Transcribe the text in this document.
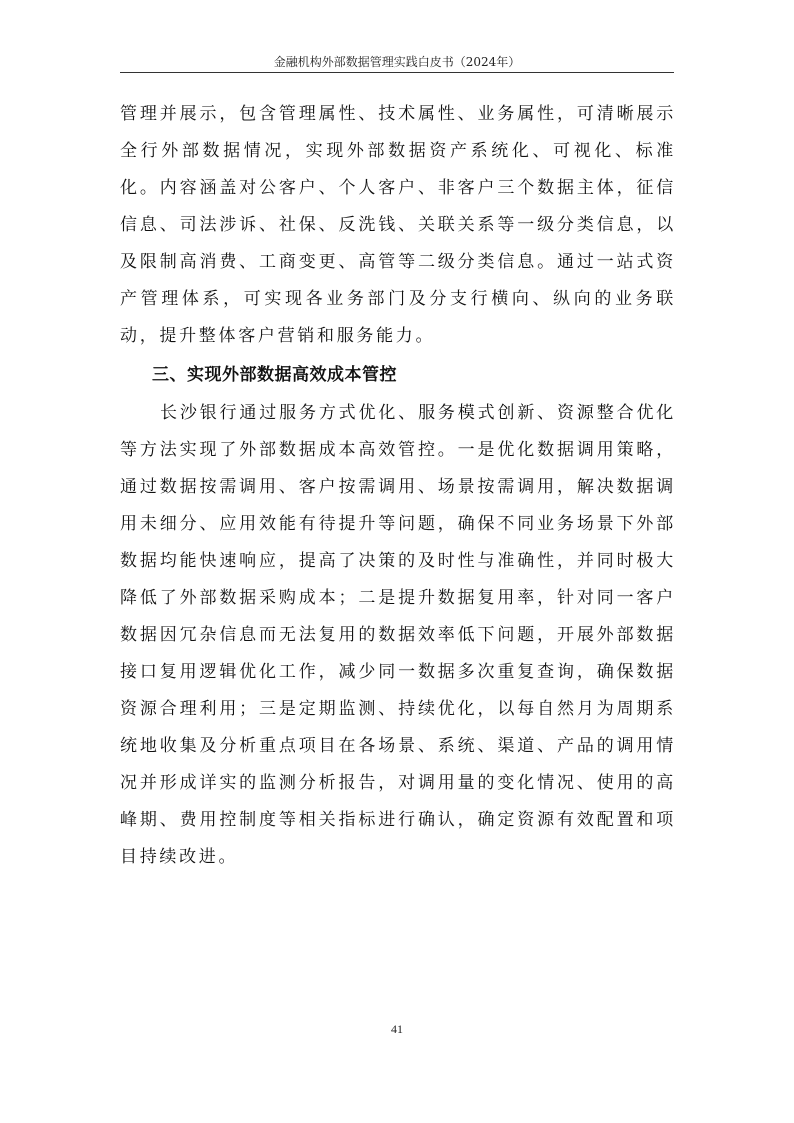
金融机构外部数据管理实践白皮书（2024年）

管理并展示，包含管理属性、技术属性、业务属性，可清晰展示全行外部数据情况，实现外部数据资产系统化、可视化、标准化。内容涵盖对公客户、个人客户、非客户三个数据主体，征信信息、司法涉诉、社保、反洗钱、关联关系等一级分类信息，以及限制高消费、工商变更、高管等二级分类信息。通过一站式资产管理体系，可实现各业务部门及分支行横向、纵向的业务联动，提升整体客户营销和服务能力。

三、实现外部数据高效成本管控

长沙银行通过服务方式优化、服务模式创新、资源整合优化等方法实现了外部数据成本高效管控。一是优化数据调用策略，通过数据按需调用、客户按需调用、场景按需调用，解决数据调用未细分、应用效能有待提升等问题，确保不同业务场景下外部数据均能快速响应，提高了决策的及时性与准确性，并同时极大降低了外部数据采购成本；二是提升数据复用率，针对同一客户数据因冗杂信息而无法复用的数据效率低下问题，开展外部数据接口复用逻辑优化工作，减少同一数据多次重复查询，确保数据资源合理利用；三是定期监测、持续优化，以每自然月为周期系统地收集及分析重点项目在各场景、系统、渠道、产品的调用情况并形成详实的监测分析报告，对调用量的变化情况、使用的高峰期、费用控制度等相关指标进行确认，确定资源有效配置和项目持续改进。

41
